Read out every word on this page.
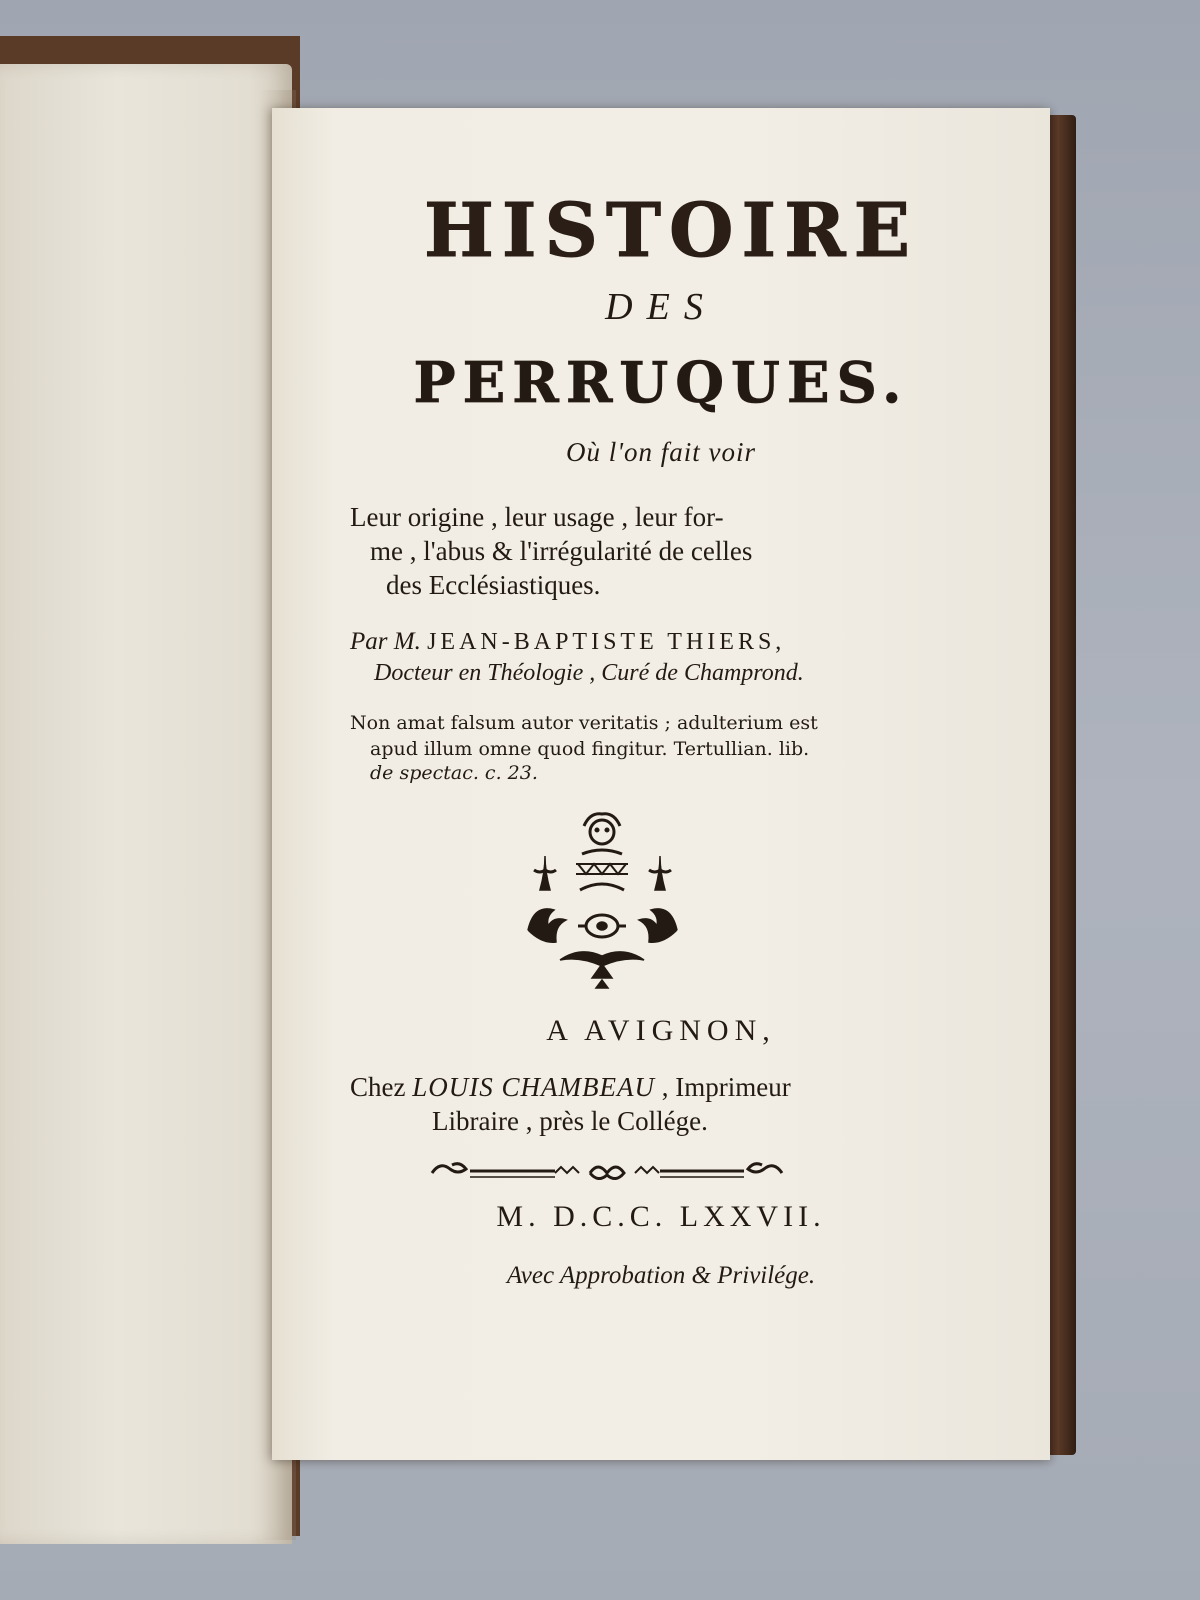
HISTOIRE
DES
PERRUQUES.
Où l'on fait voir
Leur origine , leur usage , leur for-
me , l'abus & l'irrégularité de celles
des Ecclésiastiques.
Par M. JEAN-BAPTISTE THIERS,
Docteur en Théologie , Curé de Champrond.
Non amat falsum autor veritatis ; adulterium est
apud illum omne quod fingitur. Tertullian. lib.
de spectac. c. 23.
A AVIGNON,
Chez LOUIS CHAMBEAU , Imprimeur
Libraire , près le Collége.
M. D.C.C. LXXVII.
Avec Approbation & Privilége.
